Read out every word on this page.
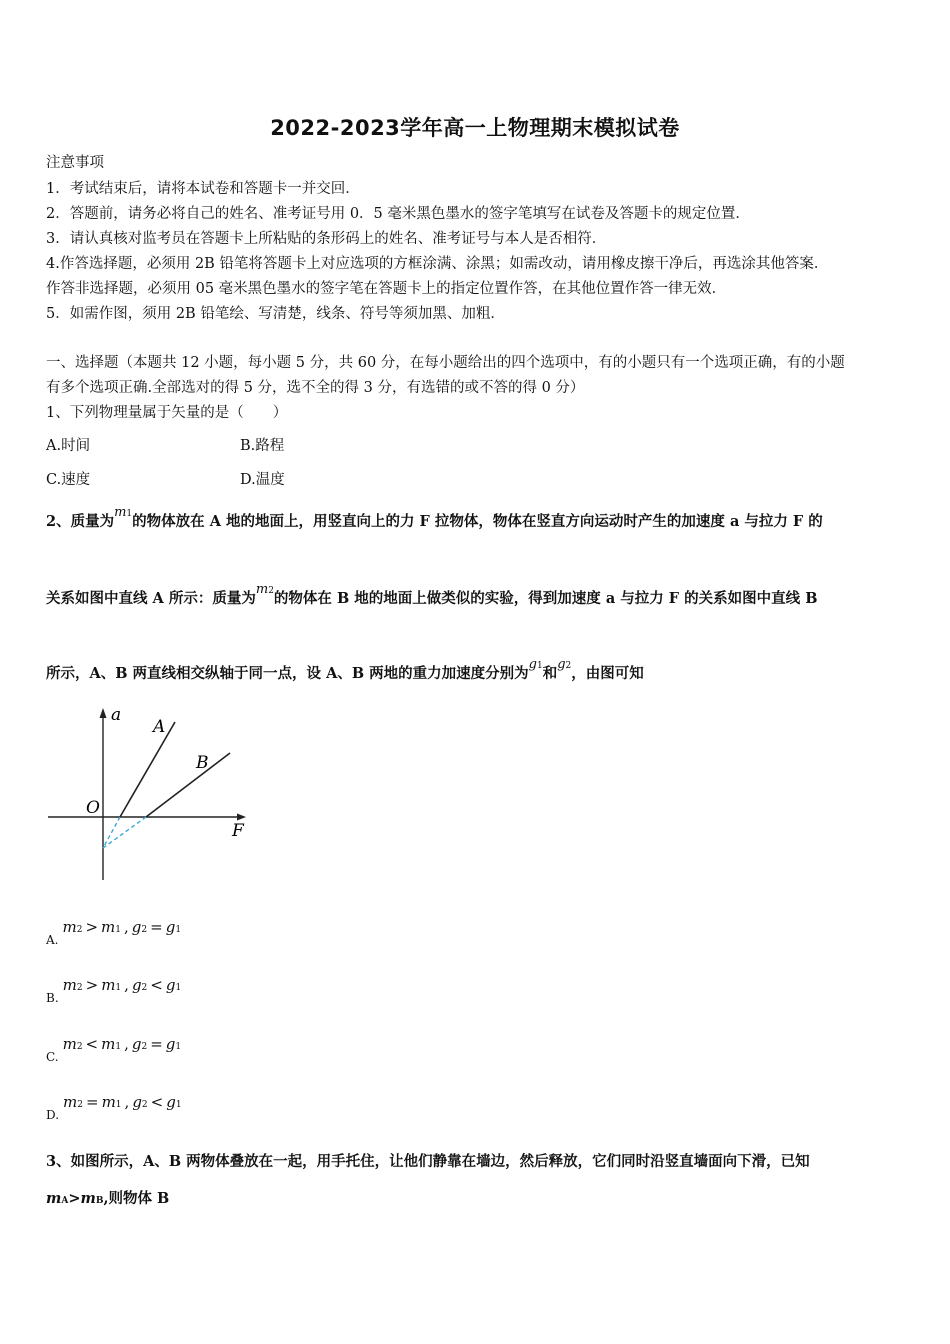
2022-2023学年高一上物理期末模拟试卷
注意事项
1．考试结束后，请将本试卷和答题卡一并交回．
2．答题前，请务必将自己的姓名、准考证号用 0．5 毫米黑色墨水的签字笔填写在试卷及答题卡的规定位置．
3．请认真核对监考员在答题卡上所粘贴的条形码上的姓名、准考证号与本人是否相符．
4.作答选择题，必须用 2B 铅笔将答题卡上对应选项的方框涂满、涂黑；如需改动，请用橡皮擦干净后，再选涂其他答案．
作答非选择题，必须用 05 毫米黑色墨水的签字笔在答题卡上的指定位置作答，在其他位置作答一律无效．
5．如需作图，须用 2B 铅笔绘、写清楚，线条、符号等须加黑、加粗．
一、选择题（本题共 12 小题，每小题 5 分，共 60 分，在每小题给出的四个选项中，有的小题只有一个选项正确，有的小题
有多个选项正确.全部选对的得 5 分，选不全的得 3 分，有选错的或不答的得 0 分）
1、下列物理量属于矢量的是（　　）
A.时间	B.路程
C.速度	D.温度
2、质量为m1的物体放在 A 地的地面上，用竖直向上的力 F 拉物体，物体在竖直方向运动时产生的加速度 a 与拉力 F 的
关系如图中直线 A 所示：质量为m2的物体在 B 地的地面上做类似的实验，得到加速度 a 与拉力 F 的关系如图中直线 B
所示，A、B 两直线相交纵轴于同一点，设 A、B 两地的重力加速度分别为g1和g2，由图可知
a
A
B
O
F
A.m2 > m1 , g2 = g1
B.m2 > m1 , g2 < g1
C.m2 < m1 , g2 = g1
D.m2 = m1 , g2 < g1
3、如图所示，A、B 两物体叠放在一起，用手托住，让他们静靠在墙边，然后释放，它们同时沿竖直墙面向下滑，已知
mA>mB,则物体 B
